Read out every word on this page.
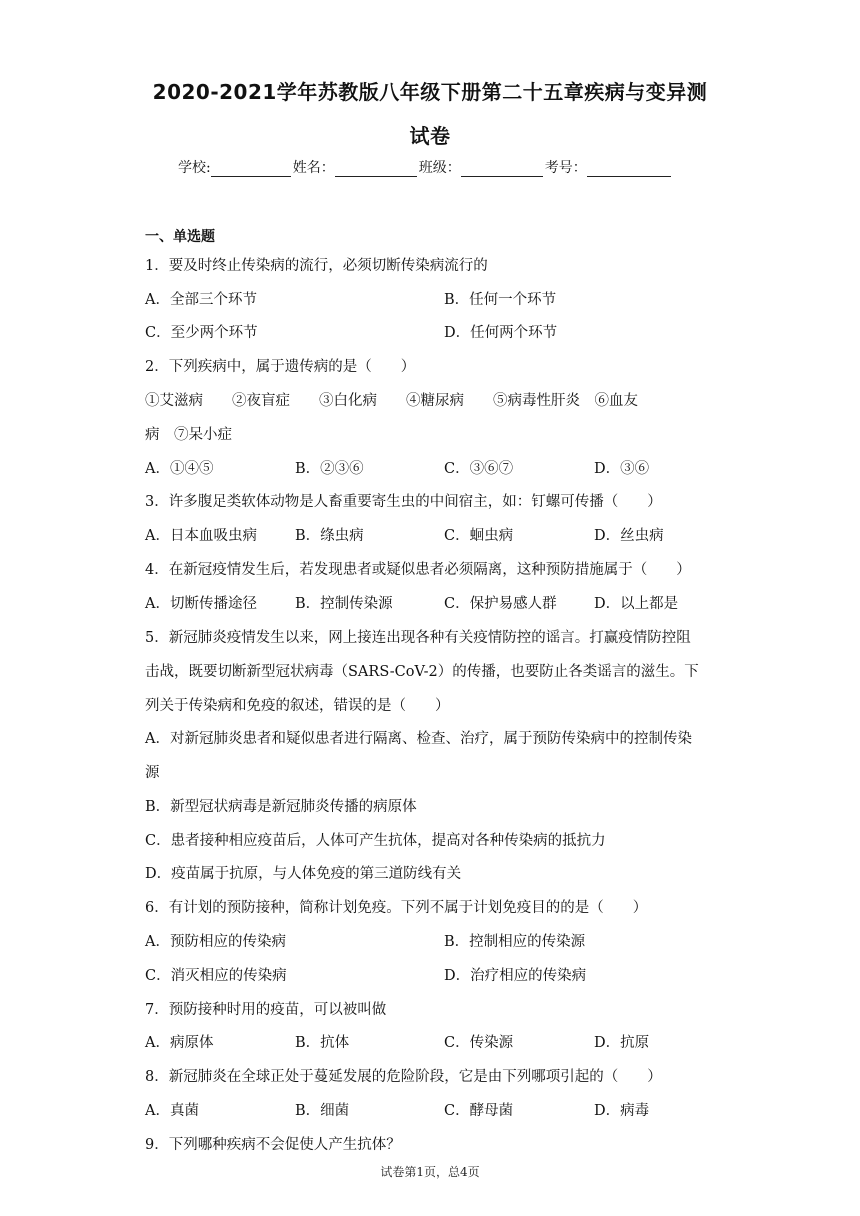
2020-2021学年苏教版八年级下册第二十五章疾病与变异测
试卷
学校:	姓名：	班级：	考号：
一、单选题
1．要及时终止传染病的流行，必须切断传染病流行的
A．全部三个环节	B．任何一个环节
C．至少两个环节	D．任何两个环节
2．下列疾病中，属于遗传病的是（　　）
①艾滋病　　②夜盲症　　③白化病　　④糖尿病　　⑤病毒性肝炎　⑥血友
病　⑦呆小症
A．①④⑤	B．②③⑥	C．③⑥⑦	D．③⑥
3．许多腹足类软体动物是人畜重要寄生虫的中间宿主，如：钉螺可传播（　　）
A．日本血吸虫病	B．绦虫病	C．蛔虫病	D．丝虫病
4．在新冠疫情发生后，若发现患者或疑似患者必须隔离，这种预防措施属于（　　）
A．切断传播途径	B．控制传染源	C．保护易感人群	D．以上都是
5．新冠肺炎疫情发生以来，网上接连出现各种有关疫情防控的谣言。打赢疫情防控阻
击战，既要切断新型冠状病毒（SARS-CoV-2）的传播，也要防止各类谣言的滋生。下
列关于传染病和免疫的叙述，错误的是（　　）
A．对新冠肺炎患者和疑似患者进行隔离、检查、治疗，属于预防传染病中的控制传染
源
B．新型冠状病毒是新冠肺炎传播的病原体
C．患者接种相应疫苗后，人体可产生抗体，提高对各种传染病的抵抗力
D．疫苗属于抗原，与人体免疫的第三道防线有关
6．有计划的预防接种，简称计划免疫。下列不属于计划免疫目的的是（　　）
A．预防相应的传染病	B．控制相应的传染源
C．消灭相应的传染病	D．治疗相应的传染病
7．预防接种时用的疫苗，可以被叫做
A．病原体	B．抗体	C．传染源	D．抗原
8．新冠肺炎在全球正处于蔓延发展的危险阶段，它是由下列哪项引起的（　　）
A．真菌	B．细菌	C．酵母菌	D．病毒
9．下列哪种疾病不会促使人产生抗体？
试卷第1页，总4页
